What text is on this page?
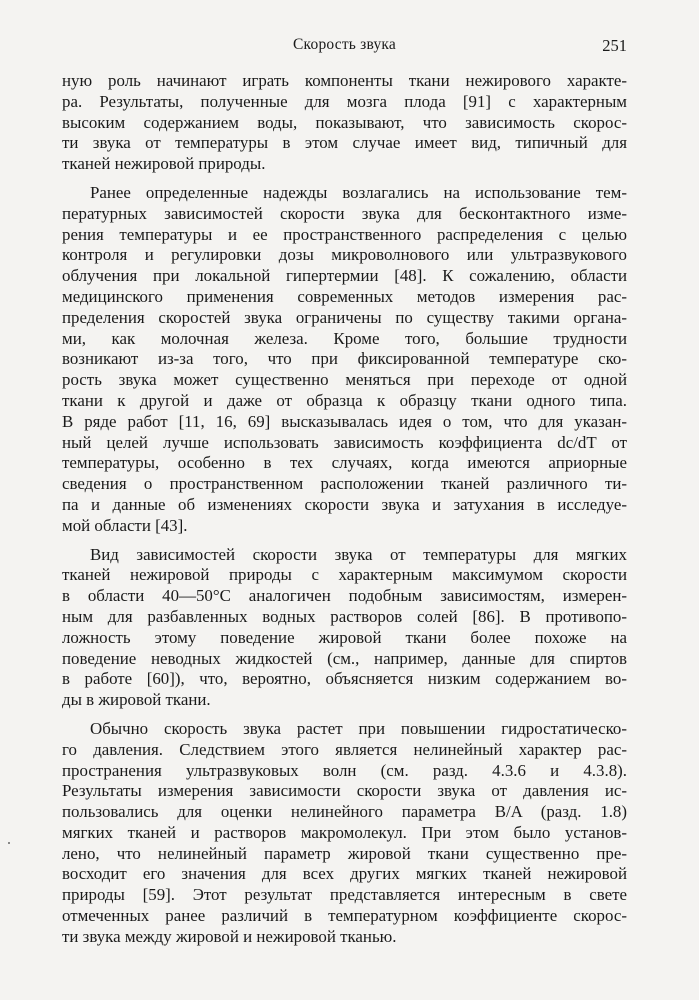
Скорость звука	251
ную роль начинают играть компоненты ткани нежирового характе-
ра. Результаты, полученные для мозга плода [91] с характерным
высоким содержанием воды, показывают, что зависимость скорос-
ти звука от температуры в этом случае имеет вид, типичный для
тканей нежировой природы.
Ранее определенные надежды возлагались на использование тем-
пературных зависимостей скорости звука для бесконтактного изме-
рения температуры и ее пространственного распределения с целью
контроля и регулировки дозы микроволнового или ультразвукового
облучения при локальной гипертермии [48]. К сожалению, области
медицинского применения современных методов измерения рас-
пределения скоростей звука ограничены по существу такими органа-
ми, как молочная железа. Кроме того, большие трудности
возникают из-за того, что при фиксированной температуре ско-
рость звука может существенно меняться при переходе от одной
ткани к другой и даже от образца к образцу ткани одного типа.
В ряде работ [11, 16, 69] высказывалась идея о том, что для указан-
ный целей лучше использовать зависимость коэффициента dc/dT от
температуры, особенно в тех случаях, когда имеются априорные
сведения о пространственном расположении тканей различного ти-
па и данные об изменениях скорости звука и затухания в исследуе-
мой области [43].
Вид зависимостей скорости звука от температуры для мягких
тканей нежировой природы с характерным максимумом скорости
в области 40—50°С аналогичен подобным зависимостям, измерен-
ным для разбавленных водных растворов солей [86]. В противопо-
ложность этому поведение жировой ткани более похоже на
поведение неводных жидкостей (см., например, данные для спиртов
в работе [60]), что, вероятно, объясняется низким содержанием во-
ды в жировой ткани.
Обычно скорость звука растет при повышении гидростатическо-
го давления. Следствием этого является нелинейный характер рас-
пространения ультразвуковых волн (см. разд. 4.3.6 и 4.3.8).
Результаты измерения зависимости скорости звука от давления ис-
пользовались для оценки нелинейного параметра B/A (разд. 1.8)
мягких тканей и растворов макромолекул. При этом было установ-
лено, что нелинейный параметр жировой ткани существенно пре-
восходит его значения для всех других мягких тканей нежировой
природы [59]. Этот результат представляется интересным в свете
отмеченных ранее различий в температурном коэффициенте скорос-
ти звука между жировой и нежировой тканью.
